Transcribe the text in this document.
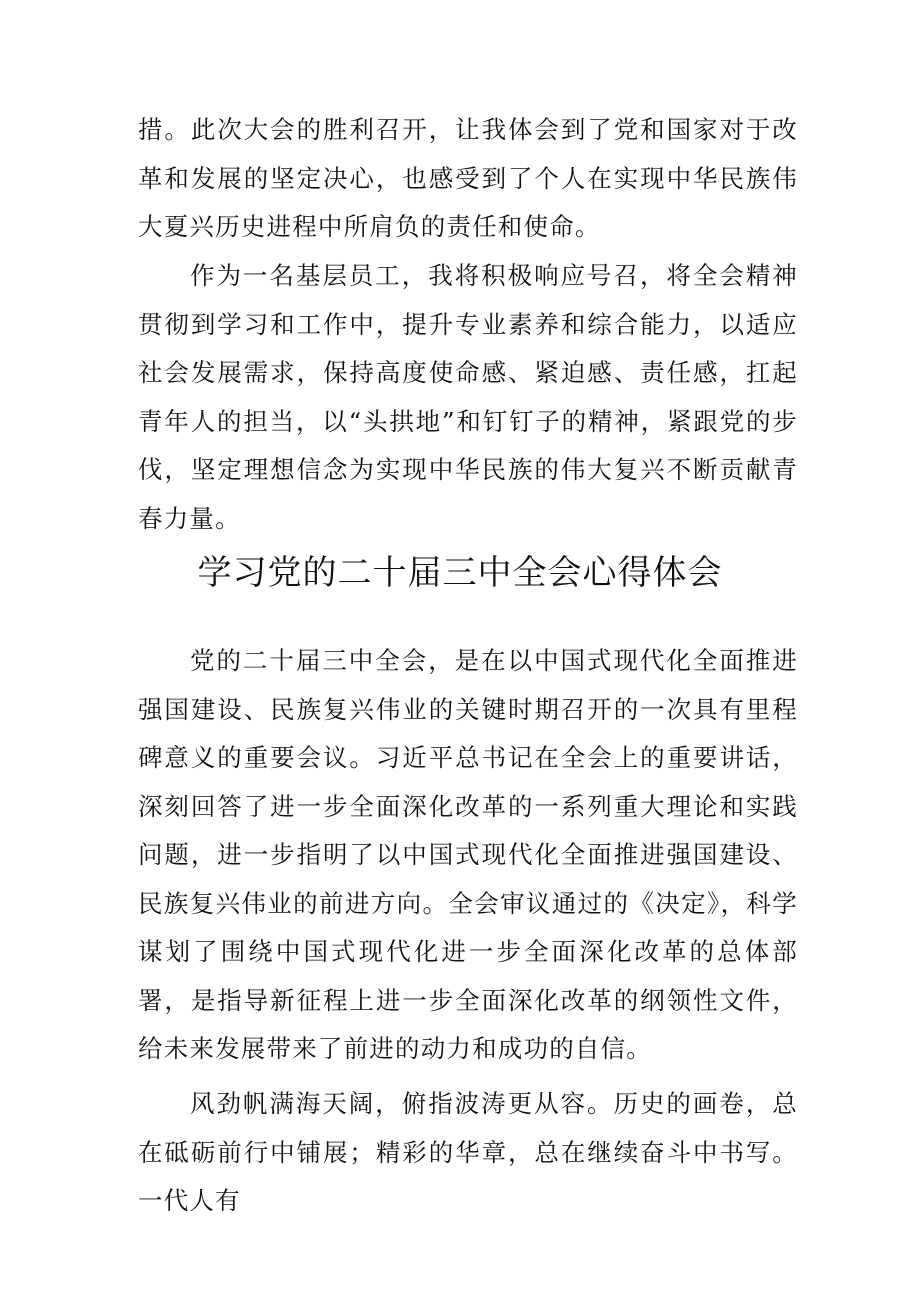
措。此次大会的胜利召开，让我体会到了党和国家对于改革和发展的坚定决心，也感受到了个人在实现中华民族伟大夏兴历史进程中所肩负的责任和使命。

作为一名基层员工，我将积极响应号召，将全会精神贯彻到学习和工作中，提升专业素养和综合能力，以适应社会发展需求，保持高度使命感、紧迫感、责任感，扛起青年人的担当，以“头拱地”和钉钉子的精神，紧跟党的步伐，坚定理想信念为实现中华民族的伟大复兴不断贡献青春力量。

学习党的二十届三中全会心得体会

党的二十届三中全会，是在以中国式现代化全面推进强国建设、民族复兴伟业的关键时期召开的一次具有里程碑意义的重要会议。习近平总书记在全会上的重要讲话，深刻回答了进一步全面深化改革的一系列重大理论和实践问题，进一步指明了以中国式现代化全面推进强国建设、民族复兴伟业的前进方向。全会审议通过的《决定》，科学谋划了围绕中国式现代化进一步全面深化改革的总体部署，是指导新征程上进一步全面深化改革的纲领性文件，给未来发展带来了前进的动力和成功的自信。

风劲帆满海天阔，俯指波涛更从容。历史的画卷，总在砥砺前行中铺展；精彩的华章，总在继续奋斗中书写。一代人有
